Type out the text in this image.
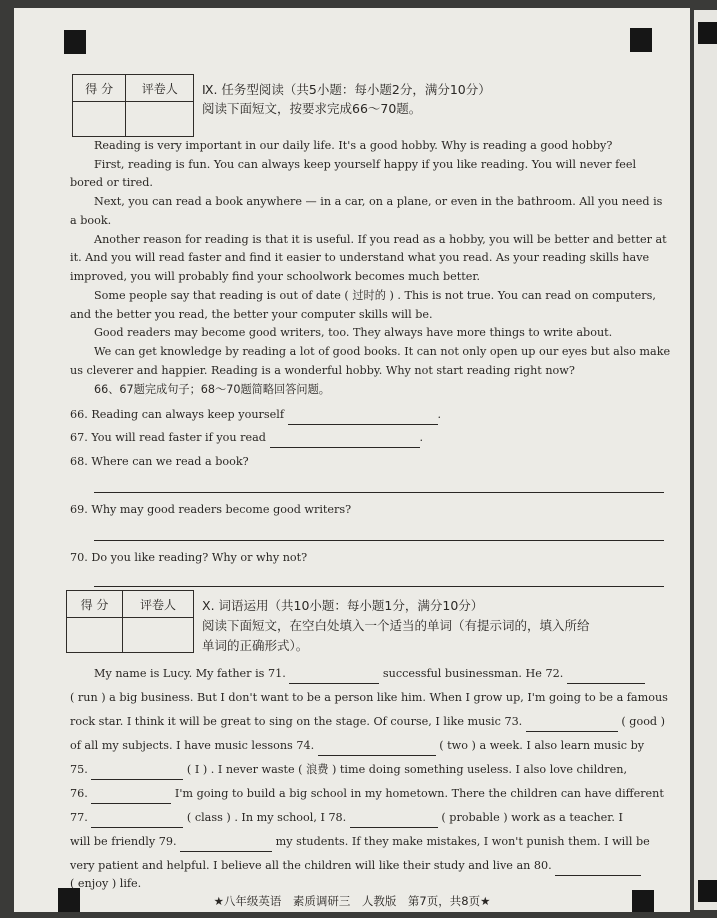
得 分	评卷人
	Ⅸ. 任务型阅读（共5小题：每小题2分，满分10分）
阅读下面短文，按要求完成66～70题。
Reading is very important in our daily life. It's a good hobby. Why is reading a good hobby?
First, reading is fun. You can always keep yourself happy if you like reading. You will never feel
bored or tired.
Next, you can read a book anywhere — in a car, on a plane, or even in the bathroom. All you need is
a book.
Another reason for reading is that it is useful. If you read as a hobby, you will be better and better at
it. And you will read faster and find it easier to understand what you read. As your reading skills have
improved, you will probably find your schoolwork becomes much better.
Some people say that reading is out of date ( 过时的 ) . This is not true. You can read on computers,
and the better you read, the better your computer skills will be.
Good readers may become good writers, too. They always have more things to write about.
We can get knowledge by reading a lot of good books. It can not only open up our eyes but also make
us cleverer and happier. Reading is a wonderful hobby. Why not start reading right now?
66、67题完成句子；68～70题简略回答问题。
66. Reading can always keep yourself	.
67. You will read faster if you read	.
68. Where can we read a book?
69. Why may good readers become good writers?
70. Do you like reading? Why or why not?
得 分	评卷人
	Ⅹ. 词语运用（共10小题：每小题1分，满分10分）
阅读下面短文，在空白处填入一个适当的单词（有提示词的，填入所给
单词的正确形式）。
My name is Lucy. My father is 71.	successful businessman. He 72.
( run ) a big business. But I don't want to be a person like him. When I grow up, I'm going to be a famous
rock star. I think it will be great to sing on the stage. Of course, I like music 73.	( good )
of all my subjects. I have music lessons 74.	( two ) a week. I also learn music by
75.	( I ) . I never waste ( 浪费 ) time doing something useless. I also love children,
76.	I'm going to build a big school in my hometown. There the children can have different
77.	( class ) . In my school, I 78.	( probable ) work as a teacher. I
will be friendly 79.	my students. If they make mistakes, I won't punish them. I will be
very patient and helpful. I believe all the children will like their study and live an 80.
( enjoy ) life.
★八年级英语　素质调研三　人教版　第7页，共8页★
